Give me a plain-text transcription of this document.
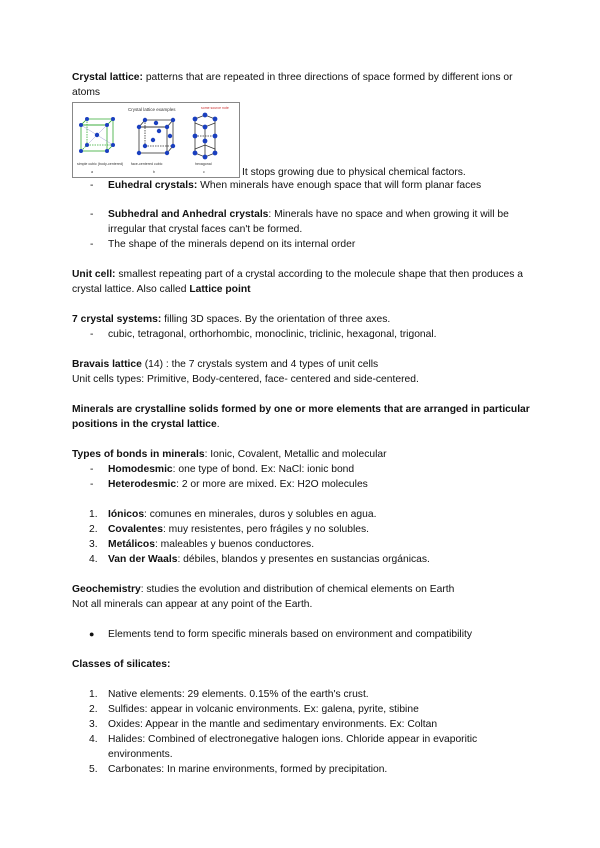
Crystal lattice: patterns that are repeated in three directions of space formed by different ions or atoms

Crystal lattice examples	some source note
simple cubic (body-centered) face-centered cubic	hexagonal
a	b	c	It stops growing due to physical chemical factors.
- Euhedral crystals: When minerals have enough space that will form planar faces
- Subhedral and Anhedral crystals: Minerals have no space and when growing it will be irregular that crystal faces can't be formed.
- The shape of the minerals depend on its internal order

Unit cell: smallest repeating part of a crystal according to the molecule shape that then produces a crystal lattice. Also called Lattice point

7 crystal systems: filling 3D spaces. By the orientation of three axes.

- cubic, tetragonal, orthorhombic, monoclinic, triclinic, hexagonal, trigonal.

Bravais lattice (14) : the 7 crystals system and 4 types of unit cells

Unit cells types: Primitive, Body-centered, face- centered and side-centered.

Minerals are crystalline solids formed by one or more elements that are arranged in particular positions in the crystal lattice.

Types of bonds in minerals: Ionic, Covalent, Metallic and molecular

- Homodesmic: one type of bond. Ex: NaCl: ionic bond
- Heterodesmic: 2 or more are mixed. Ex: H2O molecules
1. Iónicos: comunes en minerales, duros y solubles en agua.
2. Covalentes: muy resistentes, pero frágiles y no solubles.
3. Metálicos: maleables y buenos conductores.
4. Van der Waals: débiles, blandos y presentes en sustancias orgánicas.

Geochemistry: studies the evolution and distribution of chemical elements on Earth

Not all minerals can appear at any point of the Earth.

● Elements tend to form specific minerals based on environment and compatibility

Classes of silicates:

1. Native elements: 29 elements. 0.15% of the earth's crust.
2. Sulfides: appear in volcanic environments. Ex: galena, pyrite, stibine
3. Oxides: Appear in the mantle and sedimentary environments. Ex: Coltan
4. Halides: Combined of electronegative halogen ions. Chloride appear in evaporitic environments.
5. Carbonates: In marine environments, formed by precipitation.
